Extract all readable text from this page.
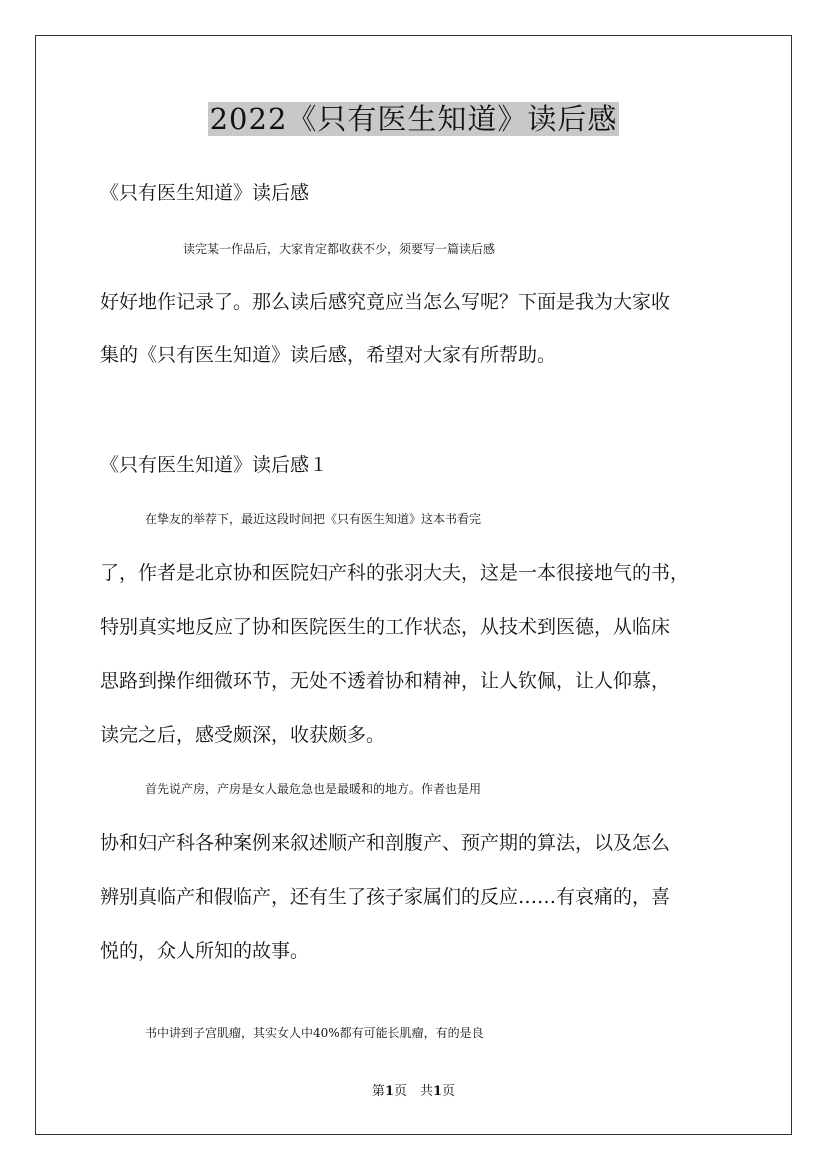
2022《只有医生知道》读后感
《只有医生知道》读后感
读完某一作品后，大家肯定都收获不少，须要写一篇读后感
好好地作记录了。那么读后感究竟应当怎么写呢？下面是我为大家收
集的《只有医生知道》读后感，希望对大家有所帮助。
《只有医生知道》读后感１
在挚友的举荐下，最近这段时间把《只有医生知道》这本书看完
了，作者是北京协和医院妇产科的张羽大夫，这是一本很接地气的书，
特别真实地反应了协和医院医生的工作状态，从技术到医德，从临床
思路到操作细微环节，无处不透着协和精神，让人钦佩，让人仰慕，
读完之后，感受颇深，收获颇多。
首先说产房，产房是女人最危急也是最暖和的地方。作者也是用
协和妇产科各种案例来叙述顺产和剖腹产、预产期的算法，以及怎么
辨别真临产和假临产，还有生了孩子家属们的反应……有哀痛的，喜
悦的，众人所知的故事。
书中讲到子宫肌瘤，其实女人中40%都有可能长肌瘤，有的是良
第1页　共1页
